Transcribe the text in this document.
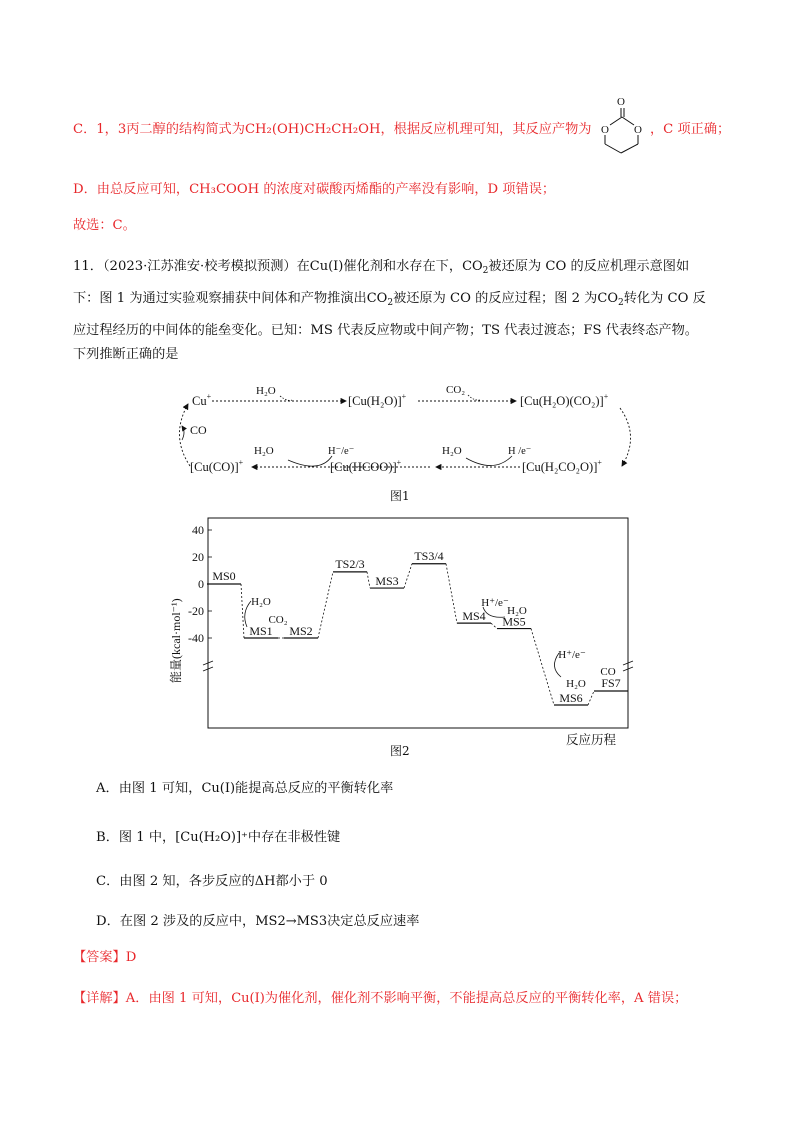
C．1，3丙二醇的结构简式为CH₂(OH)CH₂CH₂OH，根据反应机理可知，其反应产物为
O
O O ，C 项正确；
D．由总反应可知，CH₃COOH 的浓度对碳酸丙烯酯的产率没有影响，D 项错误；
故选：C。
11．（2023·江苏淮安·校考模拟预测）在Cu(Ⅰ)催化剂和水存在下，$CO_2$被还原为 CO 的反应机理示意图如
下：图 1 为通过实验观察捕获中间体和产物推演出$CO_2$被还原为 CO 的反应过程；图 2 为$CO_2$转化为 CO 反
应过程经历的中间体的能垒变化。已知：MS 代表反应物或中间产物；TS 代表过渡态；FS 代表终态产物。
下列推断正确的是
Cu+	H₂O
[Cu(H₂O)]+
CO₂
[Cu(H₂O)(CO₂)]+
CO
[Cu(CO)]+
H₂O	H⁻/e⁻
[Cu(HCOO)]+
H₂O	H /e⁻
[Cu(H₂CO₂O)]+
图1
40
20
0
-20
-40
能量(kcal·mol⁻¹)
反应历程
MS0
MS1 MS2
TS2/3
MS3
TS3/4
MS4 MS5
MS6
FS7
H₂O
CO₂
H⁺/e⁻
H₂O
H⁺/e⁻
H₂O
CO
图2
A．由图 1 可知，Cu(Ⅰ)能提高总反应的平衡转化率
B．图 1 中，[Cu(H₂O)]⁺中存在非极性键
C．由图 2 知，各步反应的ΔH都小于 0
D．在图 2 涉及的反应中，MS2→MS3决定总反应速率
【答案】D
【详解】A．由图 1 可知，Cu(Ⅰ)为催化剂，催化剂不影响平衡，不能提高总反应的平衡转化率，A 错误；
